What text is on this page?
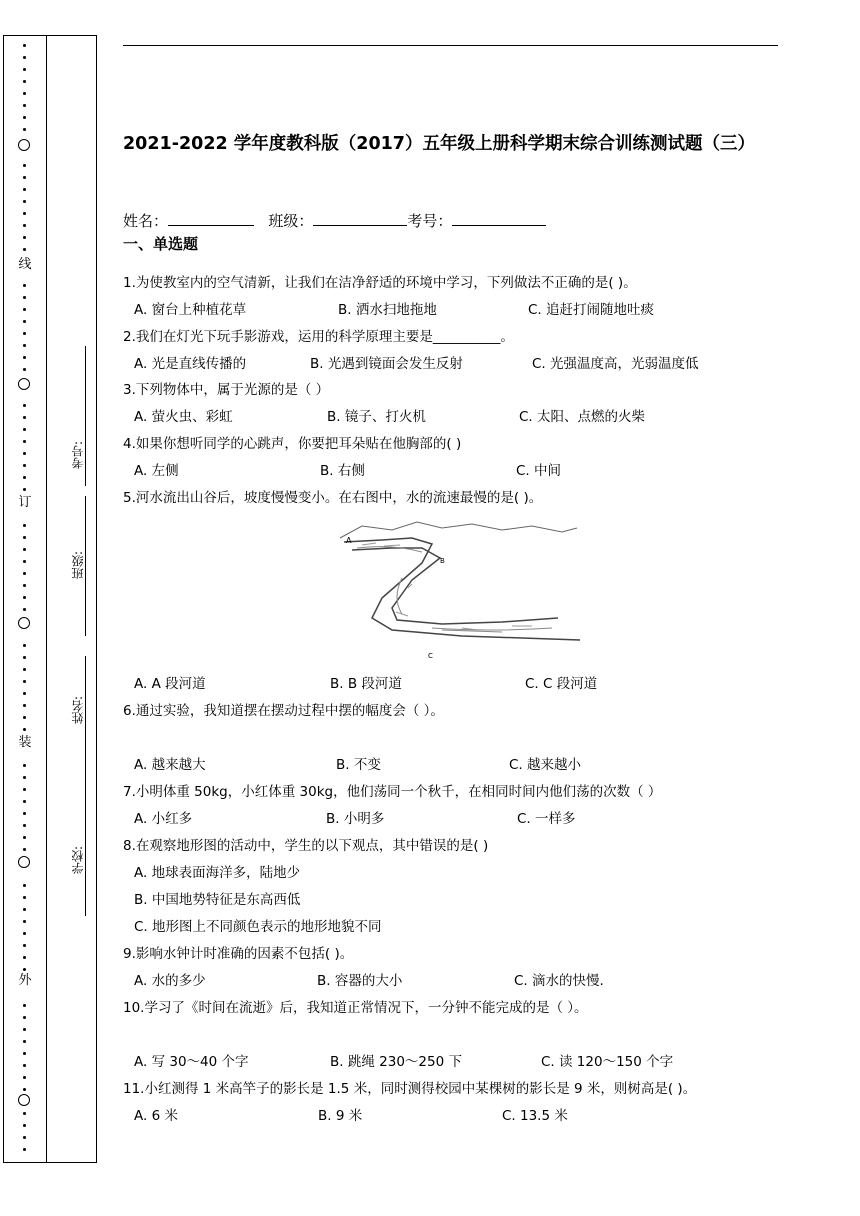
线
订
装
外
考号:
班级:
姓名:
学校:
2021-2022 学年度教科版（2017）五年级上册科学期末综合训练测试题（三）
姓名：	班级：	考号：
一、单选题
1.为使教室内的空气清新，让我们在洁净舒适的环境中学习，下列做法不正确的是( )。
A. 窗台上种植花草	B. 洒水扫地拖地	C. 追赶打闹随地吐痰
2.我们在灯光下玩手影游戏，运用的科学原理主要是__________。
A. 光是直线传播的	B. 光遇到镜面会发生反射	C. 光强温度高，光弱温度低
3.下列物体中，属于光源的是（ ）
A. 萤火虫、彩虹	B. 镜子、打火机	C. 太阳、点燃的火柴
4.如果你想听同学的心跳声，你要把耳朵贴在他胸部的( )
A. 左侧	B. 右侧	C. 中间
5.河水流出山谷后，坡度慢慢变小。在右图中，水的流速最慢的是( )。
A
B
C
A. A 段河道	B. B 段河道	C. C 段河道
6.通过实验，我知道摆在摆动过程中摆的幅度会（ ）。
A. 越来越大	B. 不变	C. 越来越小
7.小明体重 50kg，小红体重 30kg，他们荡同一个秋千，在相同时间内他们荡的次数（ ）
A. 小红多	B. 小明多	C. 一样多
8.在观察地形图的活动中，学生的以下观点，其中错误的是( )
A. 地球表面海洋多，陆地少
B. 中国地势特征是东高西低
C. 地形图上不同颜色表示的地形地貌不同
9.影响水钟计时准确的因素不包括( )。
A. 水的多少	B. 容器的大小	C. 滴水的快慢.
10.学习了《时间在流逝》后，我知道正常情况下，一分钟不能完成的是（ ）。
A. 写 30～40 个字	B. 跳绳 230～250 下	C. 读 120～150 个字
11.小红测得 1 米高竿子的影长是 1.5 米，同时测得校园中某棵树的影长是 9 米，则树高是( )。
A. 6 米	B. 9 米	C. 13.5 米
